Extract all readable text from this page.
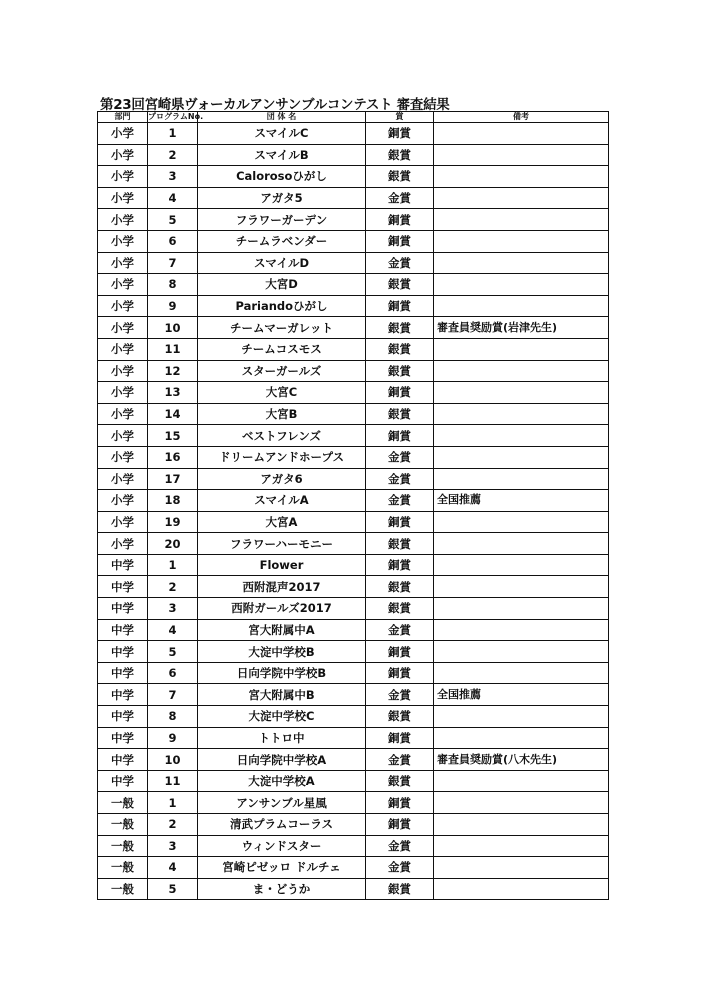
第23回宮崎県ヴォーカルアンサンブルコンテスト 審査結果
部門	プログラムNo.	団 体 名	賞	備考
小学	1	スマイルC	銅賞	
小学	2	スマイルB	銀賞	
小学	3	Calorosoひがし	銀賞	
小学	4	アガタ5	金賞	
小学	5	フラワーガーデン	銅賞	
小学	6	チームラベンダー	銅賞	
小学	7	スマイルD	金賞	
小学	8	大宮D	銀賞	
小学	9	Pariandoひがし	銅賞	
小学	10	チームマーガレット	銀賞	審査員奨励賞(岩津先生)
小学	11	チームコスモス	銀賞	
小学	12	スターガールズ	銀賞	
小学	13	大宮C	銅賞	
小学	14	大宮B	銀賞	
小学	15	ベストフレンズ	銅賞	
小学	16	ドリームアンドホープス	金賞	
小学	17	アガタ6	金賞	
小学	18	スマイルA	金賞	全国推薦
小学	19	大宮A	銅賞	
小学	20	フラワーハーモニー	銀賞	
中学	1	Flower	銅賞	
中学	2	西附混声2017	銀賞	
中学	3	西附ガールズ2017	銀賞	
中学	4	宮大附属中A	金賞	
中学	5	大淀中学校B	銅賞	
中学	6	日向学院中学校B	銅賞	
中学	7	宮大附属中B	金賞	全国推薦
中学	8	大淀中学校C	銀賞	
中学	9	トトロ中	銅賞	
中学	10	日向学院中学校A	金賞	審査員奨励賞(八木先生)
中学	11	大淀中学校A	銀賞	
一般	1	アンサンブル星風	銅賞	
一般	2	清武プラムコーラス	銅賞	
一般	3	ウィンドスター	金賞	
一般	4	宮崎ピゼッロ ドルチェ	金賞	
一般	5	ま・どうか	銀賞	
